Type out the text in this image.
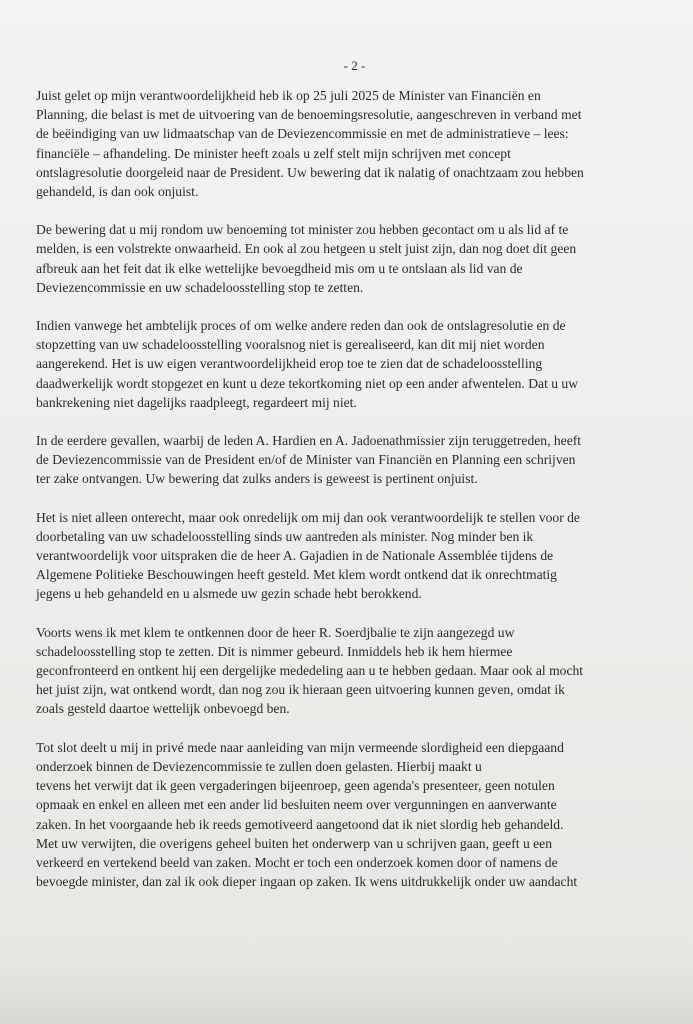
- 2 -

Juist gelet op mijn verantwoordelijkheid heb ik op 25 juli 2025 de Minister van Financiën en
Planning, die belast is met de uitvoering van de benoemingsresolutie, aangeschreven in verband met
de beëindiging van uw lidmaatschap van de Deviezencommissie en met de administratieve – lees:
financiële – afhandeling. De minister heeft zoals u zelf stelt mijn schrijven met concept
ontslagresolutie doorgeleid naar de President. Uw bewering dat ik nalatig of onachtzaam zou hebben
gehandeld, is dan ook onjuist.

De bewering dat u mij rondom uw benoeming tot minister zou hebben gecontact om u als lid af te
melden, is een volstrekte onwaarheid. En ook al zou hetgeen u stelt juist zijn, dan nog doet dit geen
afbreuk aan het feit dat ik elke wettelijke bevoegdheid mis om u te ontslaan als lid van de
Deviezencommissie en uw schadeloosstelling stop te zetten.

Indien vanwege het ambtelijk proces of om welke andere reden dan ook de ontslagresolutie en de
stopzetting van uw schadeloosstelling vooralsnog niet is gerealiseerd, kan dit mij niet worden
aangerekend. Het is uw eigen verantwoordelijkheid erop toe te zien dat de schadeloosstelling
daadwerkelijk wordt stopgezet en kunt u deze tekortkoming niet op een ander afwentelen. Dat u uw
bankrekening niet dagelijks raadpleegt, regardeert mij niet.

In de eerdere gevallen, waarbij de leden A. Hardien en A. Jadoenathmissier zijn teruggetreden, heeft
de Deviezencommissie van de President en/of de Minister van Financiën en Planning een schrijven
ter zake ontvangen. Uw bewering dat zulks anders is geweest is pertinent onjuist.

Het is niet alleen onterecht, maar ook onredelijk om mij dan ook verantwoordelijk te stellen voor de
doorbetaling van uw schadeloosstelling sinds uw aantreden als minister. Nog minder ben ik
verantwoordelijk voor uitspraken die de heer A. Gajadien in de Nationale Assemblée tijdens de
Algemene Politieke Beschouwingen heeft gesteld. Met klem wordt ontkend dat ik onrechtmatig
jegens u heb gehandeld en u alsmede uw gezin schade hebt berokkend.

Voorts wens ik met klem te ontkennen door de heer R. Soerdjbalie te zijn aangezegd uw
schadeloosstelling stop te zetten. Dit is nimmer gebeurd. Inmiddels heb ik hem hiermee
geconfronteerd en ontkent hij een dergelijke mededeling aan u te hebben gedaan. Maar ook al mocht
het juist zijn, wat ontkend wordt, dan nog zou ik hieraan geen uitvoering kunnen geven, omdat ik
zoals gesteld daartoe wettelijk onbevoegd ben.

Tot slot deelt u mij in privé mede naar aanleiding van mijn vermeende slordigheid een diepgaand
onderzoek binnen de Deviezencommissie te zullen doen gelasten. Hierbij maakt u
tevens het verwijt dat ik geen vergaderingen bijeenroep, geen agenda's presenteer, geen notulen
opmaak en enkel en alleen met een ander lid besluiten neem over vergunningen en aanverwante
zaken. In het voorgaande heb ik reeds gemotiveerd aangetoond dat ik niet slordig heb gehandeld.
Met uw verwijten, die overigens geheel buiten het onderwerp van u schrijven gaan, geeft u een
verkeerd en vertekend beeld van zaken. Mocht er toch een onderzoek komen door of namens de
bevoegde minister, dan zal ik ook dieper ingaan op zaken. Ik wens uitdrukkelijk onder uw aandacht
